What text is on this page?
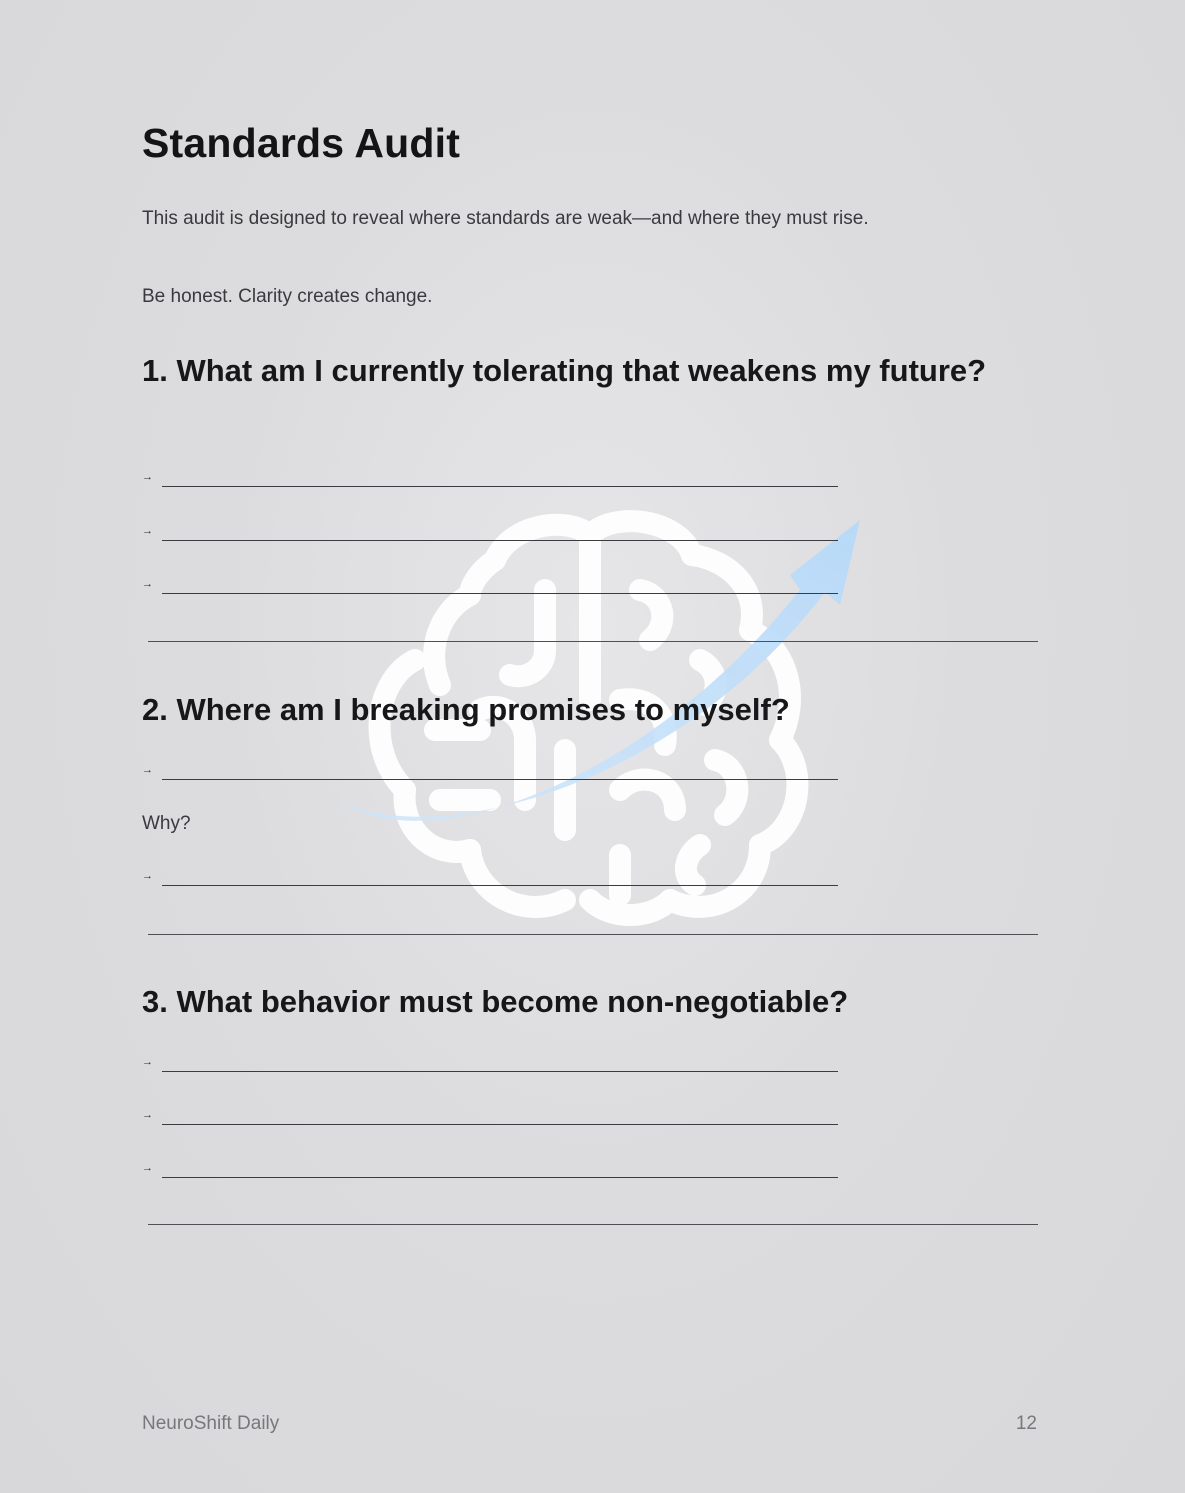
Standards Audit

This audit is designed to reveal where standards are weak—and where they must rise.

Be honest. Clarity creates change.

1. What am I currently tolerating that weakens my future?
→
→
→
2. Where am I breaking promises to myself?
→

Why?

→
3. What behavior must become non-negotiable?
→
→
→
NeuroShift Daily	12
